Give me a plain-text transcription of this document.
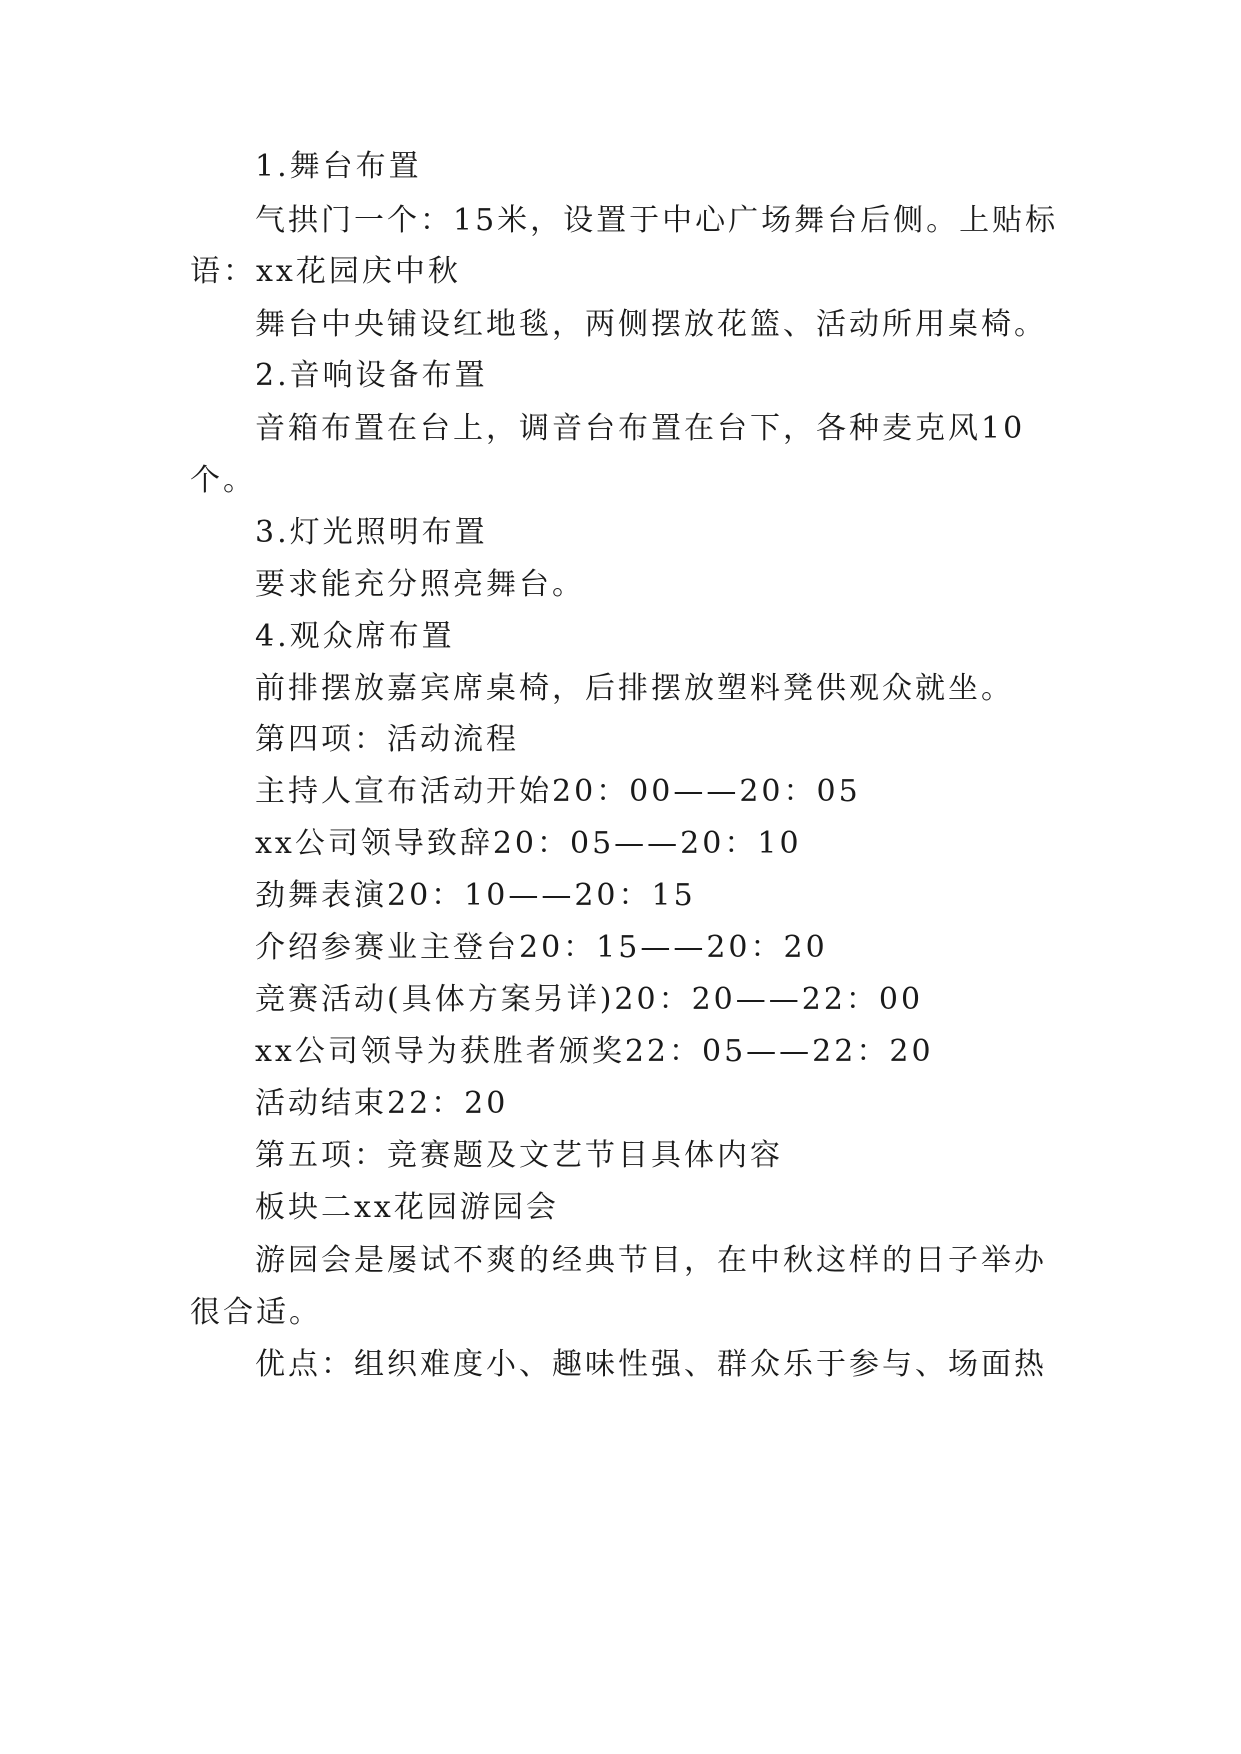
1.舞台布置
气拱门一个：15米，设置于中心广场舞台后侧。上贴标
语：xx花园庆中秋
舞台中央铺设红地毯，两侧摆放花篮、活动所用桌椅。
2.音响设备布置
音箱布置在台上，调音台布置在台下，各种麦克风10
个。
3.灯光照明布置
要求能充分照亮舞台。
4.观众席布置
前排摆放嘉宾席桌椅，后排摆放塑料凳供观众就坐。
第四项：活动流程
主持人宣布活动开始20：00——20：05
xx公司领导致辞20：05——20：10
劲舞表演20：10——20：15
介绍参赛业主登台20：15——20：20
竞赛活动(具体方案另详)20：20——22：00
xx公司领导为获胜者颁奖22：05——22：20
活动结束22：20
第五项：竞赛题及文艺节目具体内容
板块二xx花园游园会
游园会是屡试不爽的经典节目，在中秋这样的日子举办
很合适。
优点：组织难度小、趣味性强、群众乐于参与、场面热
